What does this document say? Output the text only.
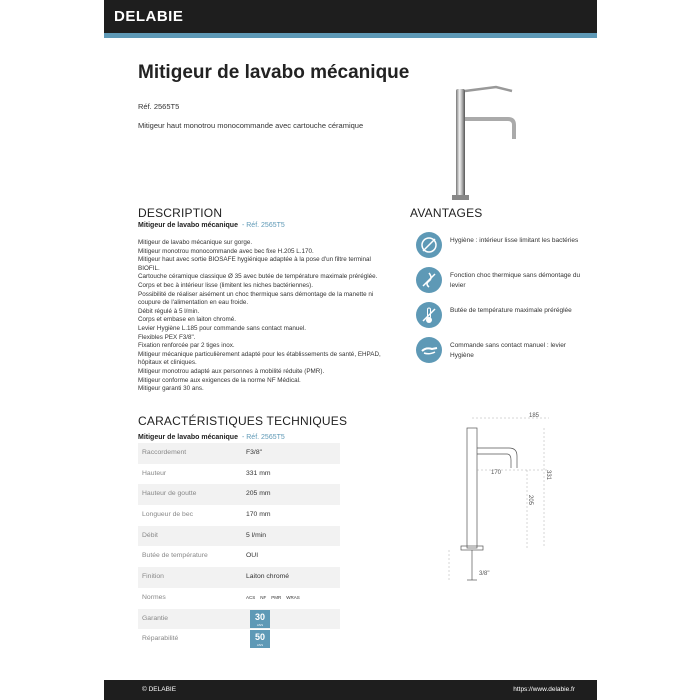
DELABIE
Mitigeur de lavabo mécanique
Réf. 2565T5
Mitigeur haut monotrou monocommande avec cartouche céramique
DESCRIPTION
Mitigeur de lavabo mécanique - Réf. 2565T5
Mitigeur de lavabo mécanique sur gorge.
Mitigeur monotrou monocommande avec bec fixe H.205 L.170.
Mitigeur haut avec sortie BIOSAFE hygiénique adaptée à la pose d'un filtre terminal BIOFIL.
Cartouche céramique classique Ø 35 avec butée de température maximale préréglée.
Corps et bec à intérieur lisse (limitent les niches bactériennes).
Possibilité de réaliser aisément un choc thermique sans démontage de la manette ni coupure de l'alimentation en eau froide.
Débit régulé à 5 l/min.
Corps et embase en laiton chromé.
Levier Hygiène L.185 pour commande sans contact manuel.
Flexibles PEX F3/8".
Fixation renforcée par 2 tiges inox.
Mitigeur mécanique particulièrement adapté pour les établissements de santé, EHPAD, hôpitaux et cliniques.
Mitigeur monotrou adapté aux personnes à mobilité réduite (PMR).
Mitigeur conforme aux exigences de la norme NF Médical.
Mitigeur garanti 30 ans.
AVANTAGES
Hygiène : intérieur lisse limitant les bactéries
Fonction choc thermique sans démontage du levier
Butée de température maximale préréglée
Commande sans contact manuel : levier Hygiène
CARACTÉRISTIQUES TECHNIQUES
Mitigeur de lavabo mécanique - Réf. 2565T5
Raccordement	F3/8"
Hauteur	331 mm
Hauteur de goutte	205 mm
Longueur de bec	170 mm
Débit	5 l/min
Butée de température	OUI
Finition	Laiton chromé
Normes	ACS NF PMR WRAS
Garantie	30
ANS
Réparabilité	50
ANS
185
170	331
205
3/8"
© DELABIE	https://www.delabie.fr
